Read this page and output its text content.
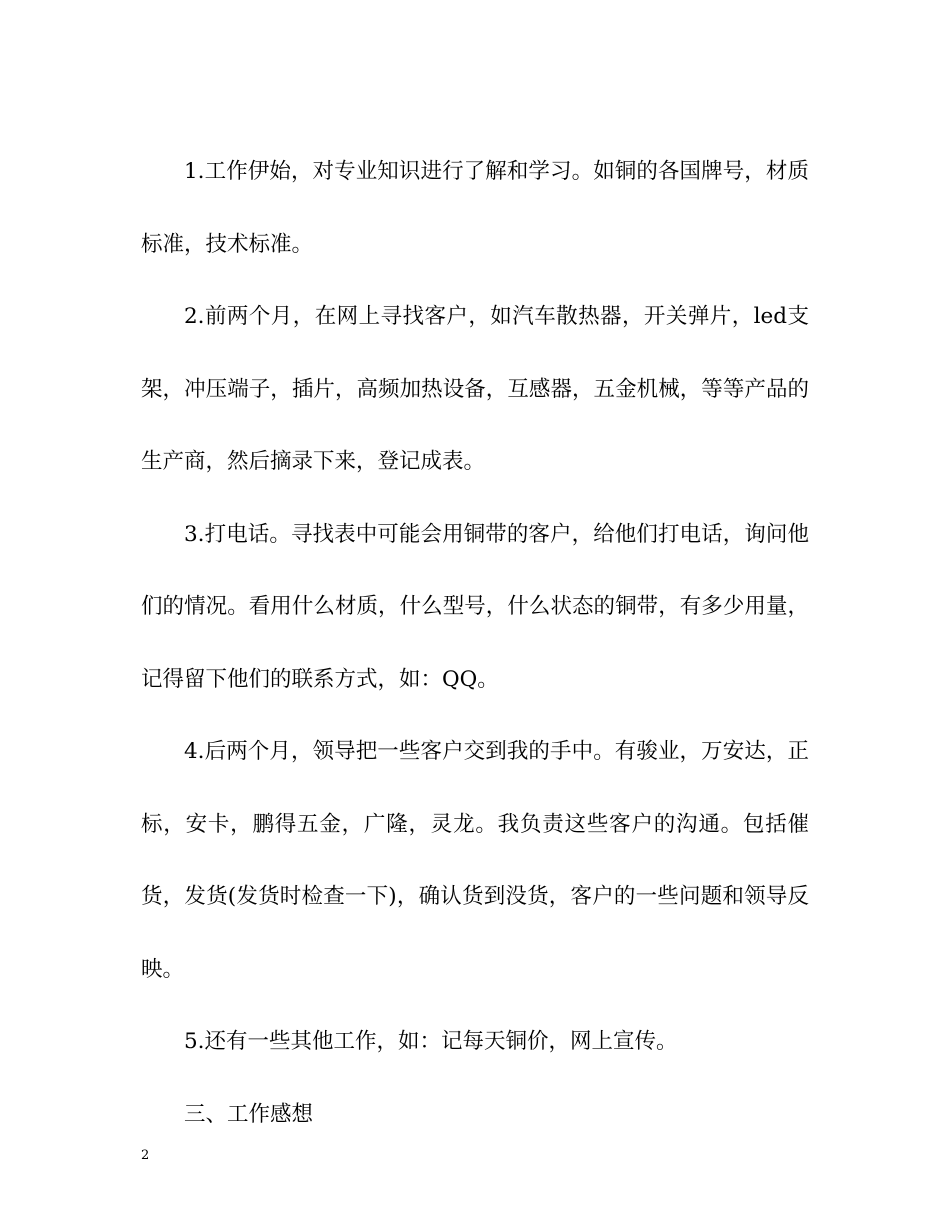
1.工作伊始，对专业知识进行了解和学习。如铜的各国牌号，材质标准，技术标准。

2.前两个月，在网上寻找客户，如汽车散热器，开关弹片，led支架，冲压端子，插片，高频加热设备，互感器，五金机械，等等产品的生产商，然后摘录下来，登记成表。

3.打电话。寻找表中可能会用铜带的客户，给他们打电话，询问他们的情况。看用什么材质，什么型号，什么状态的铜带，有多少用量，记得留下他们的联系方式，如：QQ。

4.后两个月，领导把一些客户交到我的手中。有骏业，万安达，正标，安卡，鹏得五金，广隆，灵龙。我负责这些客户的沟通。包括催货，发货(发货时检查一下)，确认货到没货，客户的一些问题和领导反映。

5.还有一些其他工作，如：记每天铜价，网上宣传。

三、工作感想

2
